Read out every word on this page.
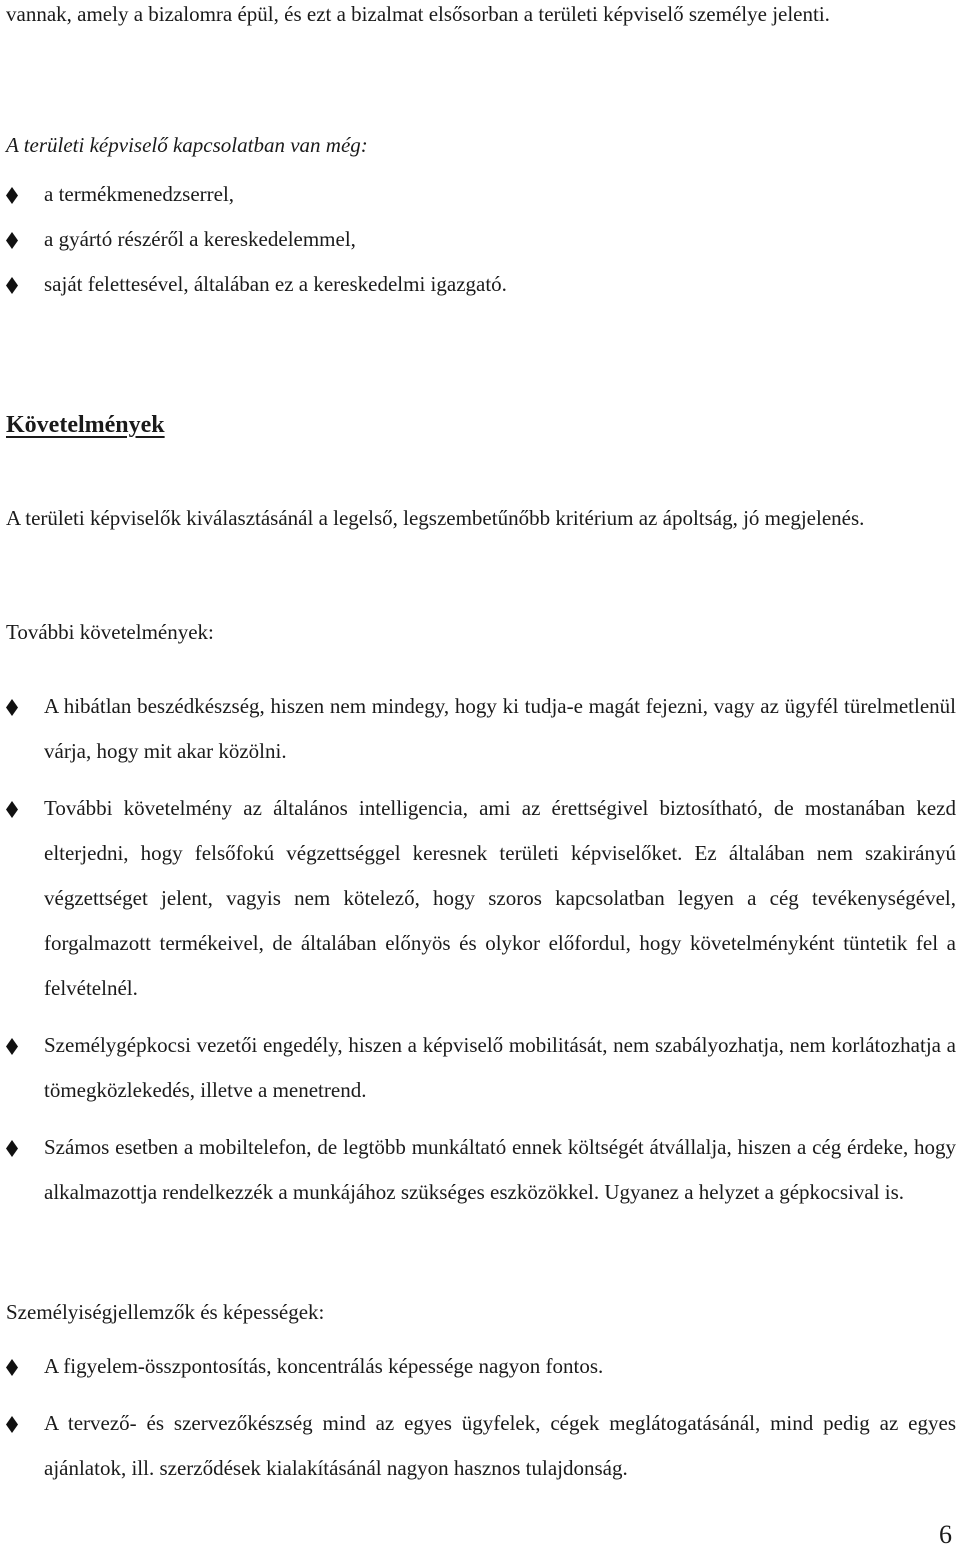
vannak, amely a bizalomra épül, és ezt a bizalmat elsősorban a területi képviselő személye jelenti.

A területi képviselő kapcsolatban van még:

a termékmenedzserrel,
a gyártó részéről a kereskedelemmel,
saját felettesével, általában ez a kereskedelmi igazgató.

Követelmények

A területi képviselők kiválasztásánál a legelső, legszembetűnőbb kritérium az ápoltság, jó megjelenés.

További követelmények:

A hibátlan beszédkészség, hiszen nem mindegy, hogy ki tudja-e magát fejezni, vagy az ügyfél türelmetlenül várja, hogy mit akar közölni.
További követelmény az általános intelligencia, ami az érettségivel biztosítható, de mostanában kezd elterjedni, hogy felsőfokú végzettséggel keresnek területi képviselőket. Ez általában nem szakirányú végzettséget jelent, vagyis nem kötelező, hogy szoros kapcsolatban legyen a cég tevékenységével, forgalmazott termékeivel, de általában előnyös és olykor előfordul, hogy követelményként tüntetik fel a felvételnél.
Személygépkocsi vezetői engedély, hiszen a képviselő mobilitását, nem szabályozhatja, nem korlátozhatja a tömegközlekedés, illetve a menetrend.
Számos esetben a mobiltelefon, de legtöbb munkáltató ennek költségét átvállalja, hiszen a cég érdeke, hogy alkalmazottja rendelkezzék a munkájához szükséges eszközökkel. Ugyanez a helyzet a gépkocsival is.

Személyiségjellemzők és képességek:

A figyelem-összpontosítás, koncentrálás képessége nagyon fontos.
A tervező- és szervezőkészség mind az egyes ügyfelek, cégek meglátogatásánál, mind pedig az egyes ajánlatok, ill. szerződések kialakításánál nagyon hasznos tulajdonság.
6
